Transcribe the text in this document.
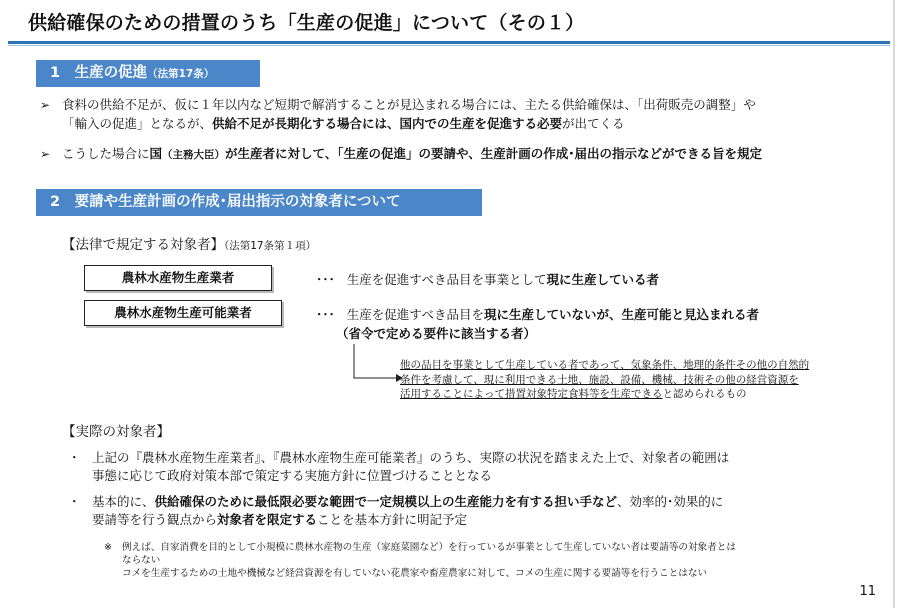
供給確保のための措置のうち「生産の促進」について（その１）
1　生産の促進（法第17条）
➢ 食料の供給不足が、仮に１年以内など短期で解消することが見込まれる場合には、主たる供給確保は、「出荷販売の調整」や
「輸入の促進」となるが、供給不足が長期化する場合には、国内での生産を促進する必要が出てくる
➢ こうした場合に国（主務大臣）が生産者に対して、「生産の促進」の要請や、生産計画の作成･届出の指示などができる旨を規定
2　要請や生産計画の作成･届出指示の対象者について
【法律で規定する対象者】（法第17条第１項）
農林水産物生産業者	･･･ 生産を促進すべき品目を事業として現に生産している者
農林水産物生産可能業者	･･･ 生産を促進すべき品目を現に生産していないが、生産可能と見込まれる者
（省令で定める要件に該当する者）
他の品目を事業として生産している者であって、気象条件、地理的条件その他の自然的
条件を考慮して、現に利用できる土地、施設、設備、機械、技術その他の経営資源を
活用することによって措置対象特定食料等を生産できると認められるもの
【実際の対象者】
・ 上記の『農林水産物生産業者』、『農林水産物生産可能業者』のうち、実際の状況を踏まえた上で、対象者の範囲は
事態に応じて政府対策本部で策定する実施方針に位置づけることとなる
・ 基本的に、供給確保のために最低限必要な範囲で一定規模以上の生産能力を有する担い手など、効率的･効果的に
要請等を行う観点から対象者を限定することを基本方針に明記予定
※ 例えば、自家消費を目的として小規模に農林水産物の生産（家庭菜園など）を行っているが事業として生産していない者は要請等の対象者とは
ならない
コメを生産するための土地や機械など経営資源を有していない花農家や畜産農家に対して、コメの生産に関する要請等を行うことはない
11
